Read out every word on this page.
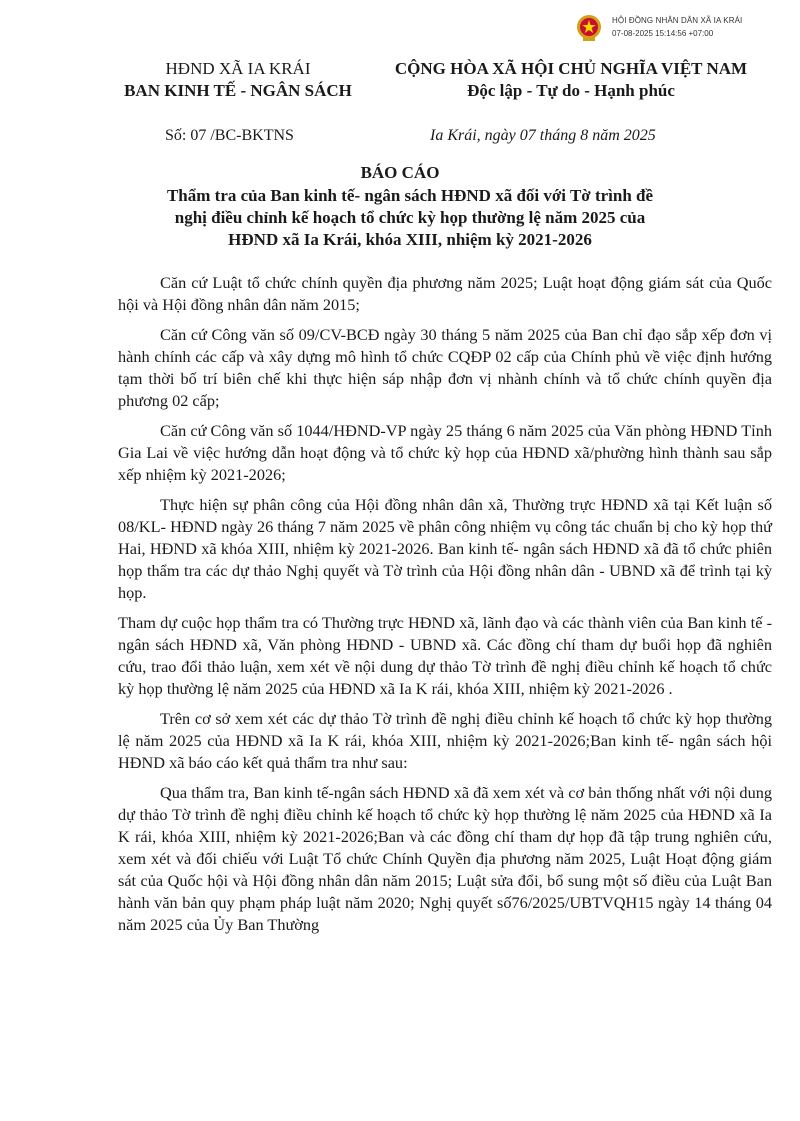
HỘI ĐỒNG NHÂN DÂN XÃ IA KRÁI
07-08-2025 15:14:56 +07:00
HĐND XÃ IA KRÁI
BAN KINH TẾ - NGÂN SÁCH
CỘNG HÒA XÃ HỘI CHỦ NGHĨA VIỆT NAM
Độc lập - Tự do - Hạnh phúc
Số: 07 /BC-BKTNS	Ia Krái, ngày 07 tháng 8 năm 2025
BÁO CÁO
Thẩm tra của Ban kinh tế- ngân sách HĐND xã đối với Tờ trình đề nghị điều chỉnh kế hoạch tổ chức kỳ họp thường lệ năm 2025 của HĐND xã Ia Krái, khóa XIII, nhiệm kỳ 2021-2026

Căn cứ Luật tổ chức chính quyền địa phương năm 2025; Luật hoạt động giám sát của Quốc hội và Hội đồng nhân dân năm 2015;

Căn cứ Công văn số 09/CV-BCĐ ngày 30 tháng 5 năm 2025 của Ban chỉ đạo sắp xếp đơn vị hành chính các cấp và xây dựng mô hình tổ chức CQĐP 02 cấp của Chính phủ về việc định hướng tạm thời bố trí biên chế khi thực hiện sáp nhập đơn vị nhành chính và tổ chức chính quyền địa phương 02 cấp;

Căn cứ Công văn số 1044/HĐND-VP ngày 25 tháng 6 năm 2025 của Văn phòng HĐND Tỉnh Gia Lai về việc hướng dẫn hoạt động và tổ chức kỳ họp của HĐND xã/phường hình thành sau sắp xếp nhiệm kỳ 2021-2026;

Thực hiện sự phân công của Hội đồng nhân dân xã, Thường trực HĐND xã tại Kết luận số 08/KL- HĐND ngày 26 tháng 7 năm 2025 về phân công nhiệm vụ công tác chuẩn bị cho kỳ họp thứ Hai, HĐND xã khóa XIII, nhiệm kỳ 2021-2026. Ban kinh tế- ngân sách HĐND xã đã tổ chức phiên họp thẩm tra các dự thảo Nghị quyết và Tờ trình của Hội đồng nhân dân - UBND xã để trình tại kỳ họp.

Tham dự cuộc họp thẩm tra có Thường trực HĐND xã, lãnh đạo và các thành viên của Ban kinh tế - ngân sách HĐND xã, Văn phòng HĐND - UBND xã. Các đồng chí tham dự buổi họp đã nghiên cứu, trao đổi thảo luận, xem xét về nội dung dự thảo Tờ trình đề nghị điều chỉnh kế hoạch tổ chức kỳ họp thường lệ năm 2025 của HĐND xã Ia K rái, khóa XIII, nhiệm kỳ 2021-2026 .

Trên cơ sở xem xét các dự thảo Tờ trình đề nghị điều chỉnh kế hoạch tổ chức kỳ họp thường lệ năm 2025 của HĐND xã Ia K rái, khóa XIII, nhiệm kỳ 2021-2026;Ban kinh tế- ngân sách hội HĐND xã báo cáo kết quả thẩm tra như sau:

Qua thẩm tra, Ban kinh tế-ngân sách HĐND xã đã xem xét và cơ bản thống nhất với nội dung dự thảo Tờ trình đề nghị điều chỉnh kế hoạch tổ chức kỳ họp thường lệ năm 2025 của HĐND xã Ia K rái, khóa XIII, nhiệm kỳ 2021-2026;Ban và các đồng chí tham dự họp đã tập trung nghiên cứu, xem xét và đối chiếu với Luật Tổ chức Chính Quyền địa phương năm 2025, Luật Hoạt động giám sát của Quốc hội và Hội đồng nhân dân năm 2015; Luật sửa đổi, bổ sung một số điều của Luật Ban hành văn bản quy phạm pháp luật năm 2020; Nghị quyết số76/2025/UBTVQH15 ngày 14 tháng 04 năm 2025 của Ủy Ban Thường
